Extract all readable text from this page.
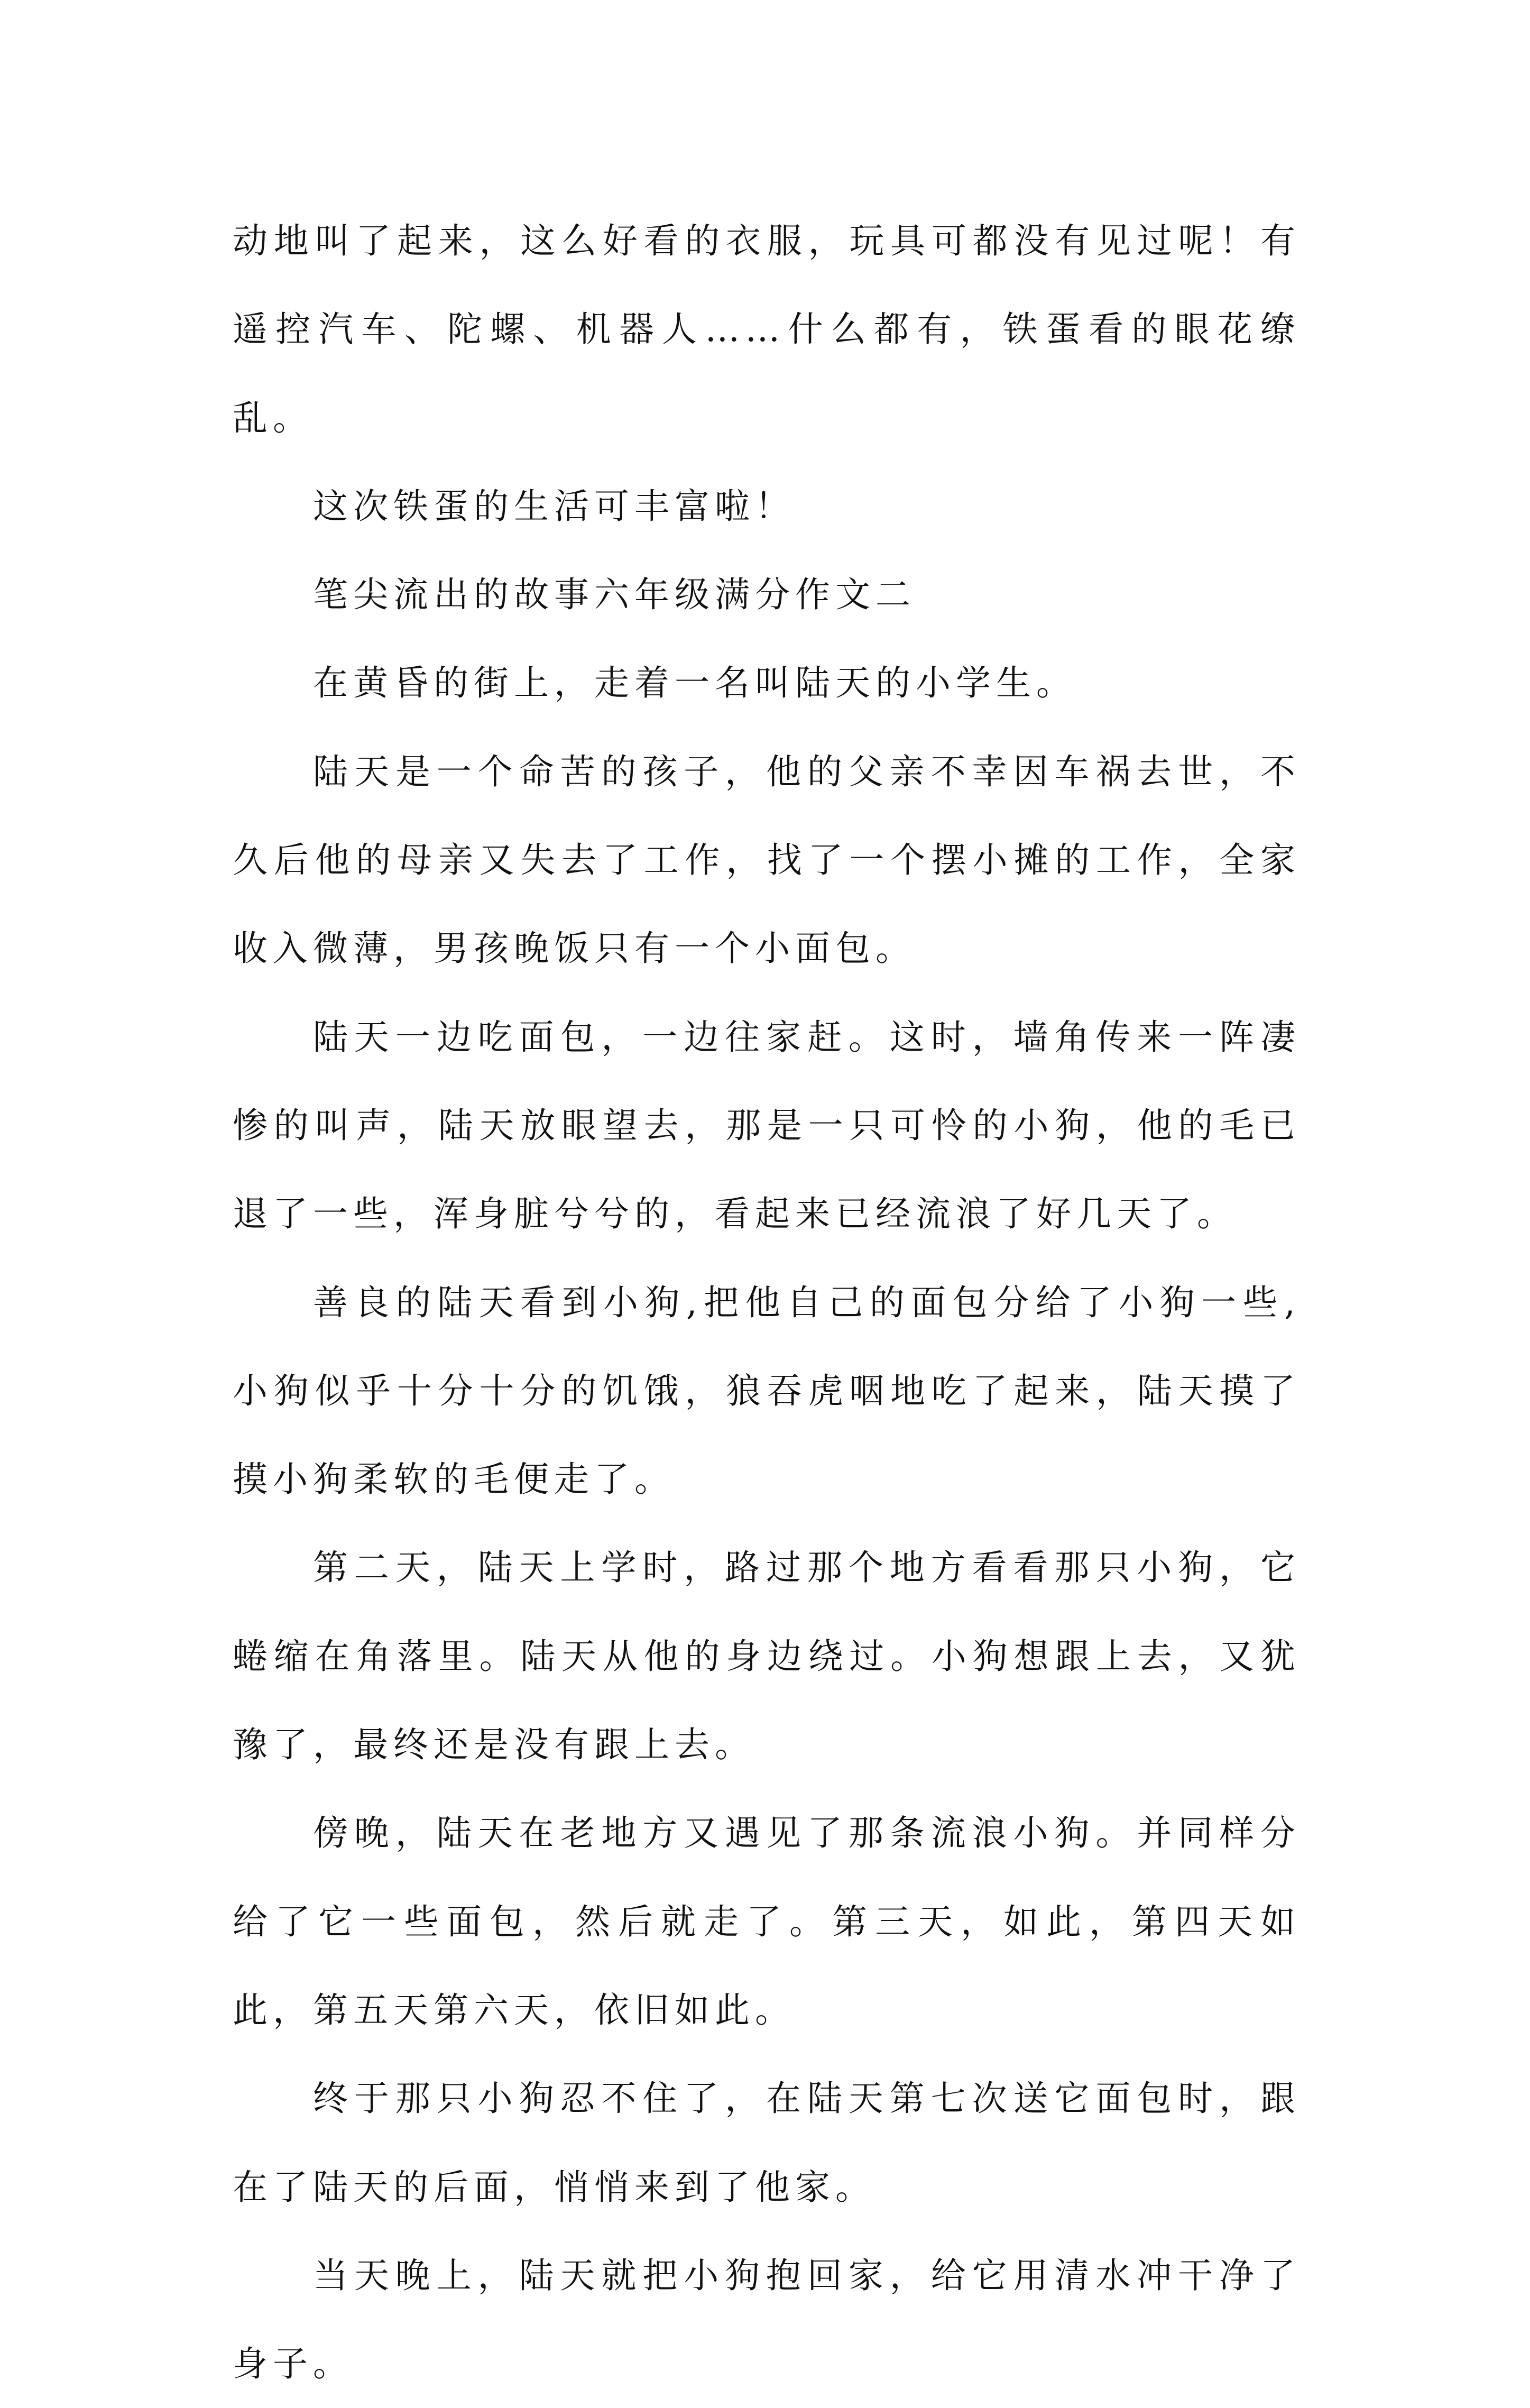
动地叫了起来，这么好看的衣服，玩具可都没有见过呢！有遥控汽车、陀螺、机器人……什么都有，铁蛋看的眼花缭乱。

这次铁蛋的生活可丰富啦！

笔尖流出的故事六年级满分作文二

在黄昏的街上，走着一名叫陆天的小学生。

陆天是一个命苦的孩子，他的父亲不幸因车祸去世，不久后他的母亲又失去了工作，找了一个摆小摊的工作，全家收入微薄，男孩晚饭只有一个小面包。

陆天一边吃面包，一边往家赶。这时，墙角传来一阵凄惨的叫声，陆天放眼望去，那是一只可怜的小狗，他的毛已退了一些，浑身脏兮兮的，看起来已经流浪了好几天了。

善良的陆天看到小狗,把他自己的面包分给了小狗一些,小狗似乎十分十分的饥饿，狼吞虎咽地吃了起来，陆天摸了摸小狗柔软的毛便走了。

第二天，陆天上学时，路过那个地方看看那只小狗，它蜷缩在角落里。陆天从他的身边绕过。小狗想跟上去，又犹豫了，最终还是没有跟上去。

傍晚，陆天在老地方又遇见了那条流浪小狗。并同样分给了它一些面包，然后就走了。第三天，如此，第四天如此，第五天第六天，依旧如此。

终于那只小狗忍不住了，在陆天第七次送它面包时，跟在了陆天的后面，悄悄来到了他家。

当天晚上，陆天就把小狗抱回家，给它用清水冲干净了身子。
